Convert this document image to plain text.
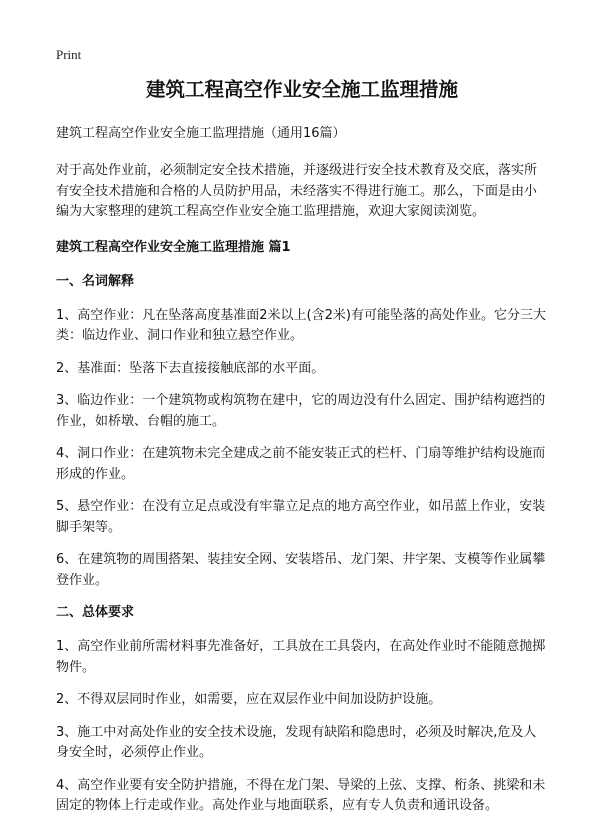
Print
建筑工程高空作业安全施工监理措施

建筑工程高空作业安全施工监理措施（通用16篇）

对于高处作业前，必须制定安全技术措施，并逐级进行安全技术教育及交底，落实所有安全技术措施和合格的人员防护用品，未经落实不得进行施工。那么，下面是由小编为大家整理的建筑工程高空作业安全施工监理措施，欢迎大家阅读浏览。

建筑工程高空作业安全施工监理措施 篇1

一、名词解释

1、高空作业：凡在坠落高度基准面2米以上(含2米)有可能坠落的高处作业。它分三大类：临边作业、洞口作业和独立悬空作业。

2、基准面：坠落下去直接接触底部的水平面。

3、临边作业：一个建筑物或构筑物在建中，它的周边没有什么固定、围护结构遮挡的作业，如桥墩、台帽的施工。

4、洞口作业：在建筑物未完全建成之前不能安装正式的栏杆、门扇等维护结构设施而形成的作业。

5、悬空作业：在没有立足点或没有牢靠立足点的地方高空作业，如吊蓝上作业，安装脚手架等。

6、在建筑物的周围搭架、装挂安全网、安装塔吊、龙门架、井字架、支模等作业属攀登作业。

二、总体要求

1、高空作业前所需材料事先准备好，工具放在工具袋内，在高处作业时不能随意抛掷物件。

2、不得双层同时作业，如需要，应在双层作业中间加设防护设施。

3、施工中对高处作业的安全技术设施，发现有缺陷和隐患时，必须及时解决,危及人身安全时，必须停止作业。

4、高空作业要有安全防护措施，不得在龙门架、导梁的上弦、支撑、桁条、挑梁和未固定的物体上行走或作业。高处作业与地面联系，应有专人负责和通讯设备。
